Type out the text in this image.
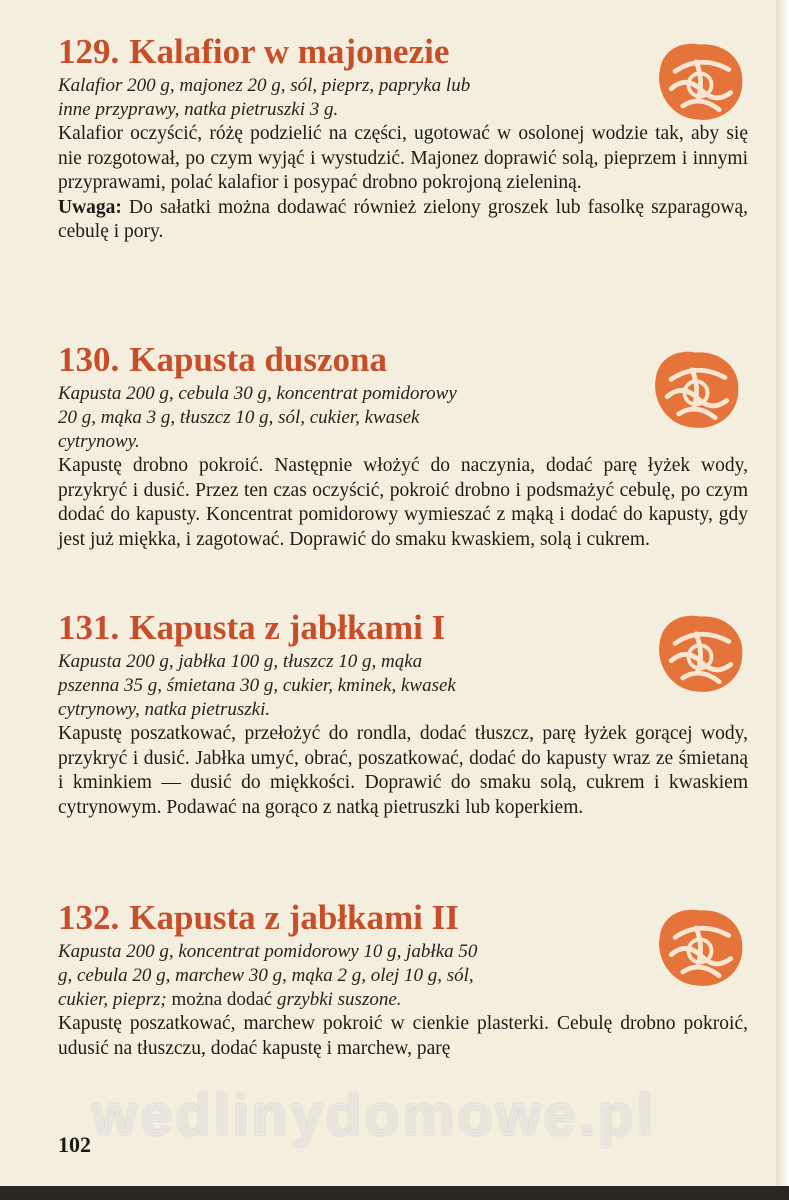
129. Kalafior w majonezie

Kalafior 200 g, majonez 20 g, sól, pieprz, papryka lub inne przyprawy, natka pietruszki 3 g.

Kalafior oczyścić, różę podzielić na części, ugotować w osolonej wodzie tak, aby się nie rozgotował, po czym wyjąć i wystudzić. Majonez doprawić solą, pieprzem i innymi przyprawami, polać kalafior i posypać drobno pokrojoną zieleniną.

Uwaga: Do sałatki można dodawać również zielony groszek lub fasolkę szparagową, cebulę i pory.

130. Kapusta duszona

Kapusta 200 g, cebula 30 g, koncentrat pomidorowy 20 g, mąka 3 g, tłuszcz 10 g, sól, cukier, kwasek cytrynowy.

Kapustę drobno pokroić. Następnie włożyć do naczynia, dodać parę łyżek wody, przykryć i dusić. Przez ten czas oczyścić, pokroić drobno i podsmażyć cebulę, po czym dodać do kapusty. Koncentrat pomidorowy wymieszać z mąką i dodać do kapusty, gdy jest już miękka, i zagotować. Doprawić do smaku kwaskiem, solą i cukrem.

131. Kapusta z jabłkami I

Kapusta 200 g, jabłka 100 g, tłuszcz 10 g, mąka pszenna 35 g, śmietana 30 g, cukier, kminek, kwasek cytrynowy, natka pietruszki.

Kapustę poszatkować, przełożyć do rondla, dodać tłuszcz, parę łyżek gorącej wody, przykryć i dusić. Jabłka umyć, obrać, poszatkować, dodać do kapusty wraz ze śmietaną i kminkiem — dusić do miękkości. Doprawić do smaku solą, cukrem i kwaskiem cytrynowym. Podawać na gorąco z natką pietruszki lub koperkiem.

132. Kapusta z jabłkami II

Kapusta 200 g, koncentrat pomidorowy 10 g, jabłka 50 g, cebula 20 g, marchew 30 g, mąka 2 g, olej 10 g, sól, cukier, pieprz; można dodać grzybki suszone.

Kapustę poszatkować, marchew pokroić w cienkie plasterki. Cebulę drobno pokroić, udusić na tłuszczu, dodać kapustę i marchew, parę

wedlinydomowe.pl
102
